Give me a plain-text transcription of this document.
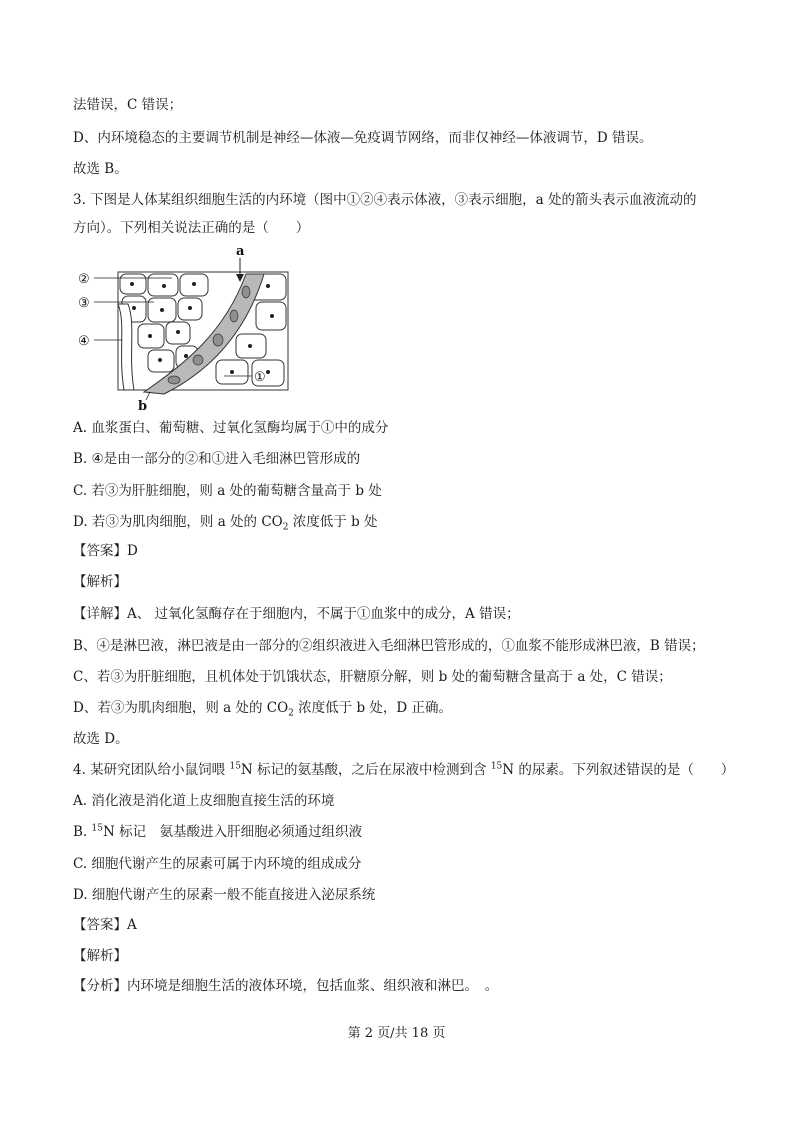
法错误，C 错误；
D、内环境稳态的主要调节机制是神经—体液—免疫调节网络，而非仅神经—体液调节，D 错误。
故选 B。
3. 下图是人体某组织细胞生活的内环境（图中①②④表示体液，③表示细胞，a 处的箭头表示血液流动的
方向）。下列相关说法正确的是（　　）
②
③
④
①
a
b
A. 血浆蛋白、葡萄糖、过氧化氢酶均属于①中的成分
B. ④是由一部分的②和①进入毛细淋巴管形成的
C. 若③为肝脏细胞，则 a 处的葡萄糖含量高于 b 处
D. 若③为肌肉细胞，则 a 处的 $CO_2$ 浓度低于 b 处
【答案】D
【解析】
【详解】A、 过氧化氢酶存在于细胞内，不属于①血浆中的成分，A 错误；
B、④是淋巴液，淋巴液是由一部分的②组织液进入毛细淋巴管形成的，①血浆不能形成淋巴液，B 错误；
C、若③为肝脏细胞，且机体处于饥饿状态，肝糖原分解，则 b 处的葡萄糖含量高于 a 处，C 错误；
D、若③为肌肉细胞，则 a 处的 $CO_2$ 浓度低于 b 处，D 正确。
故选 D。
4. 某研究团队给小鼠饲喂 $^{15}$N 标记的氨基酸，之后在尿液中检测到含 $^{15}$N 的尿素。下列叙述错误的是（　　）
A. 消化液是消化道上皮细胞直接生活的环境
B. $^{15}$N 标记　氨基酸进入肝细胞必须通过组织液
C. 细胞代谢产生的尿素可属于内环境的组成成分
D. 细胞代谢产生的尿素一般不能直接进入泌尿系统
【答案】A
【解析】
【分析】内环境是细胞生活的液体环境，包括血浆、组织液和淋巴。　。
第 2 页/共 18 页
